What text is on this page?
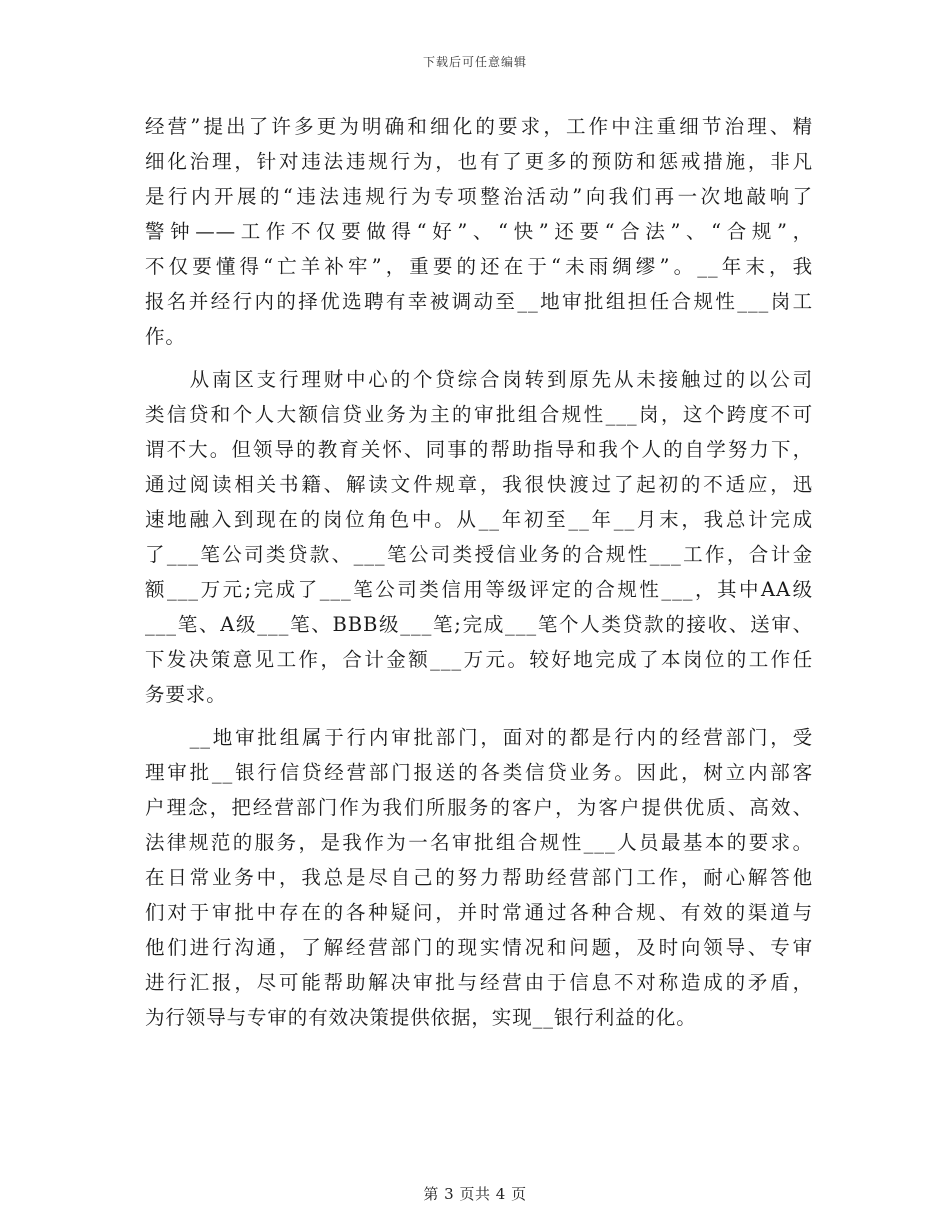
下载后可任意编辑
经营”提出了许多更为明确和细化的要求，工作中注重细节治理、精
细化治理，针对违法违规行为，也有了更多的预防和惩戒措施，非凡
是行内开展的“违法违规行为专项整治活动”向我们再一次地敲响了
警钟——工作不仅要做得“好”、“快”还要“合法”、“合规”，
不仅要懂得“亡羊补牢”，重要的还在于“未雨绸缪”。__年末，我
报名并经行内的择优选聘有幸被调动至__地审批组担任合规性___岗工
作。
　　从南区支行理财中心的个贷综合岗转到原先从未接触过的以公司
类信贷和个人大额信贷业务为主的审批组合规性___岗，这个跨度不可
谓不大。但领导的教育关怀、同事的帮助指导和我个人的自学努力下，
通过阅读相关书籍、解读文件规章，我很快渡过了起初的不适应，迅
速地融入到现在的岗位角色中。从__年初至__年__月末，我总计完成
了___笔公司类贷款、___笔公司类授信业务的合规性___工作，合计金
额___万元;完成了___笔公司类信用等级评定的合规性___，其中AA级
___笔、A级___笔、BBB级___笔;完成___笔个人类贷款的接收、送审、
下发决策意见工作，合计金额___万元。较好地完成了本岗位的工作任
务要求。
　　__地审批组属于行内审批部门，面对的都是行内的经营部门，受
理审批__银行信贷经营部门报送的各类信贷业务。因此，树立内部客
户理念，把经营部门作为我们所服务的客户，为客户提供优质、高效、
法律规范的服务，是我作为一名审批组合规性___人员最基本的要求。
在日常业务中，我总是尽自己的努力帮助经营部门工作，耐心解答他
们对于审批中存在的各种疑问，并时常通过各种合规、有效的渠道与
他们进行沟通，了解经营部门的现实情况和问题，及时向领导、专审
进行汇报，尽可能帮助解决审批与经营由于信息不对称造成的矛盾，
为行领导与专审的有效决策提供依据，实现__银行利益的化。
第 3 页共 4 页
